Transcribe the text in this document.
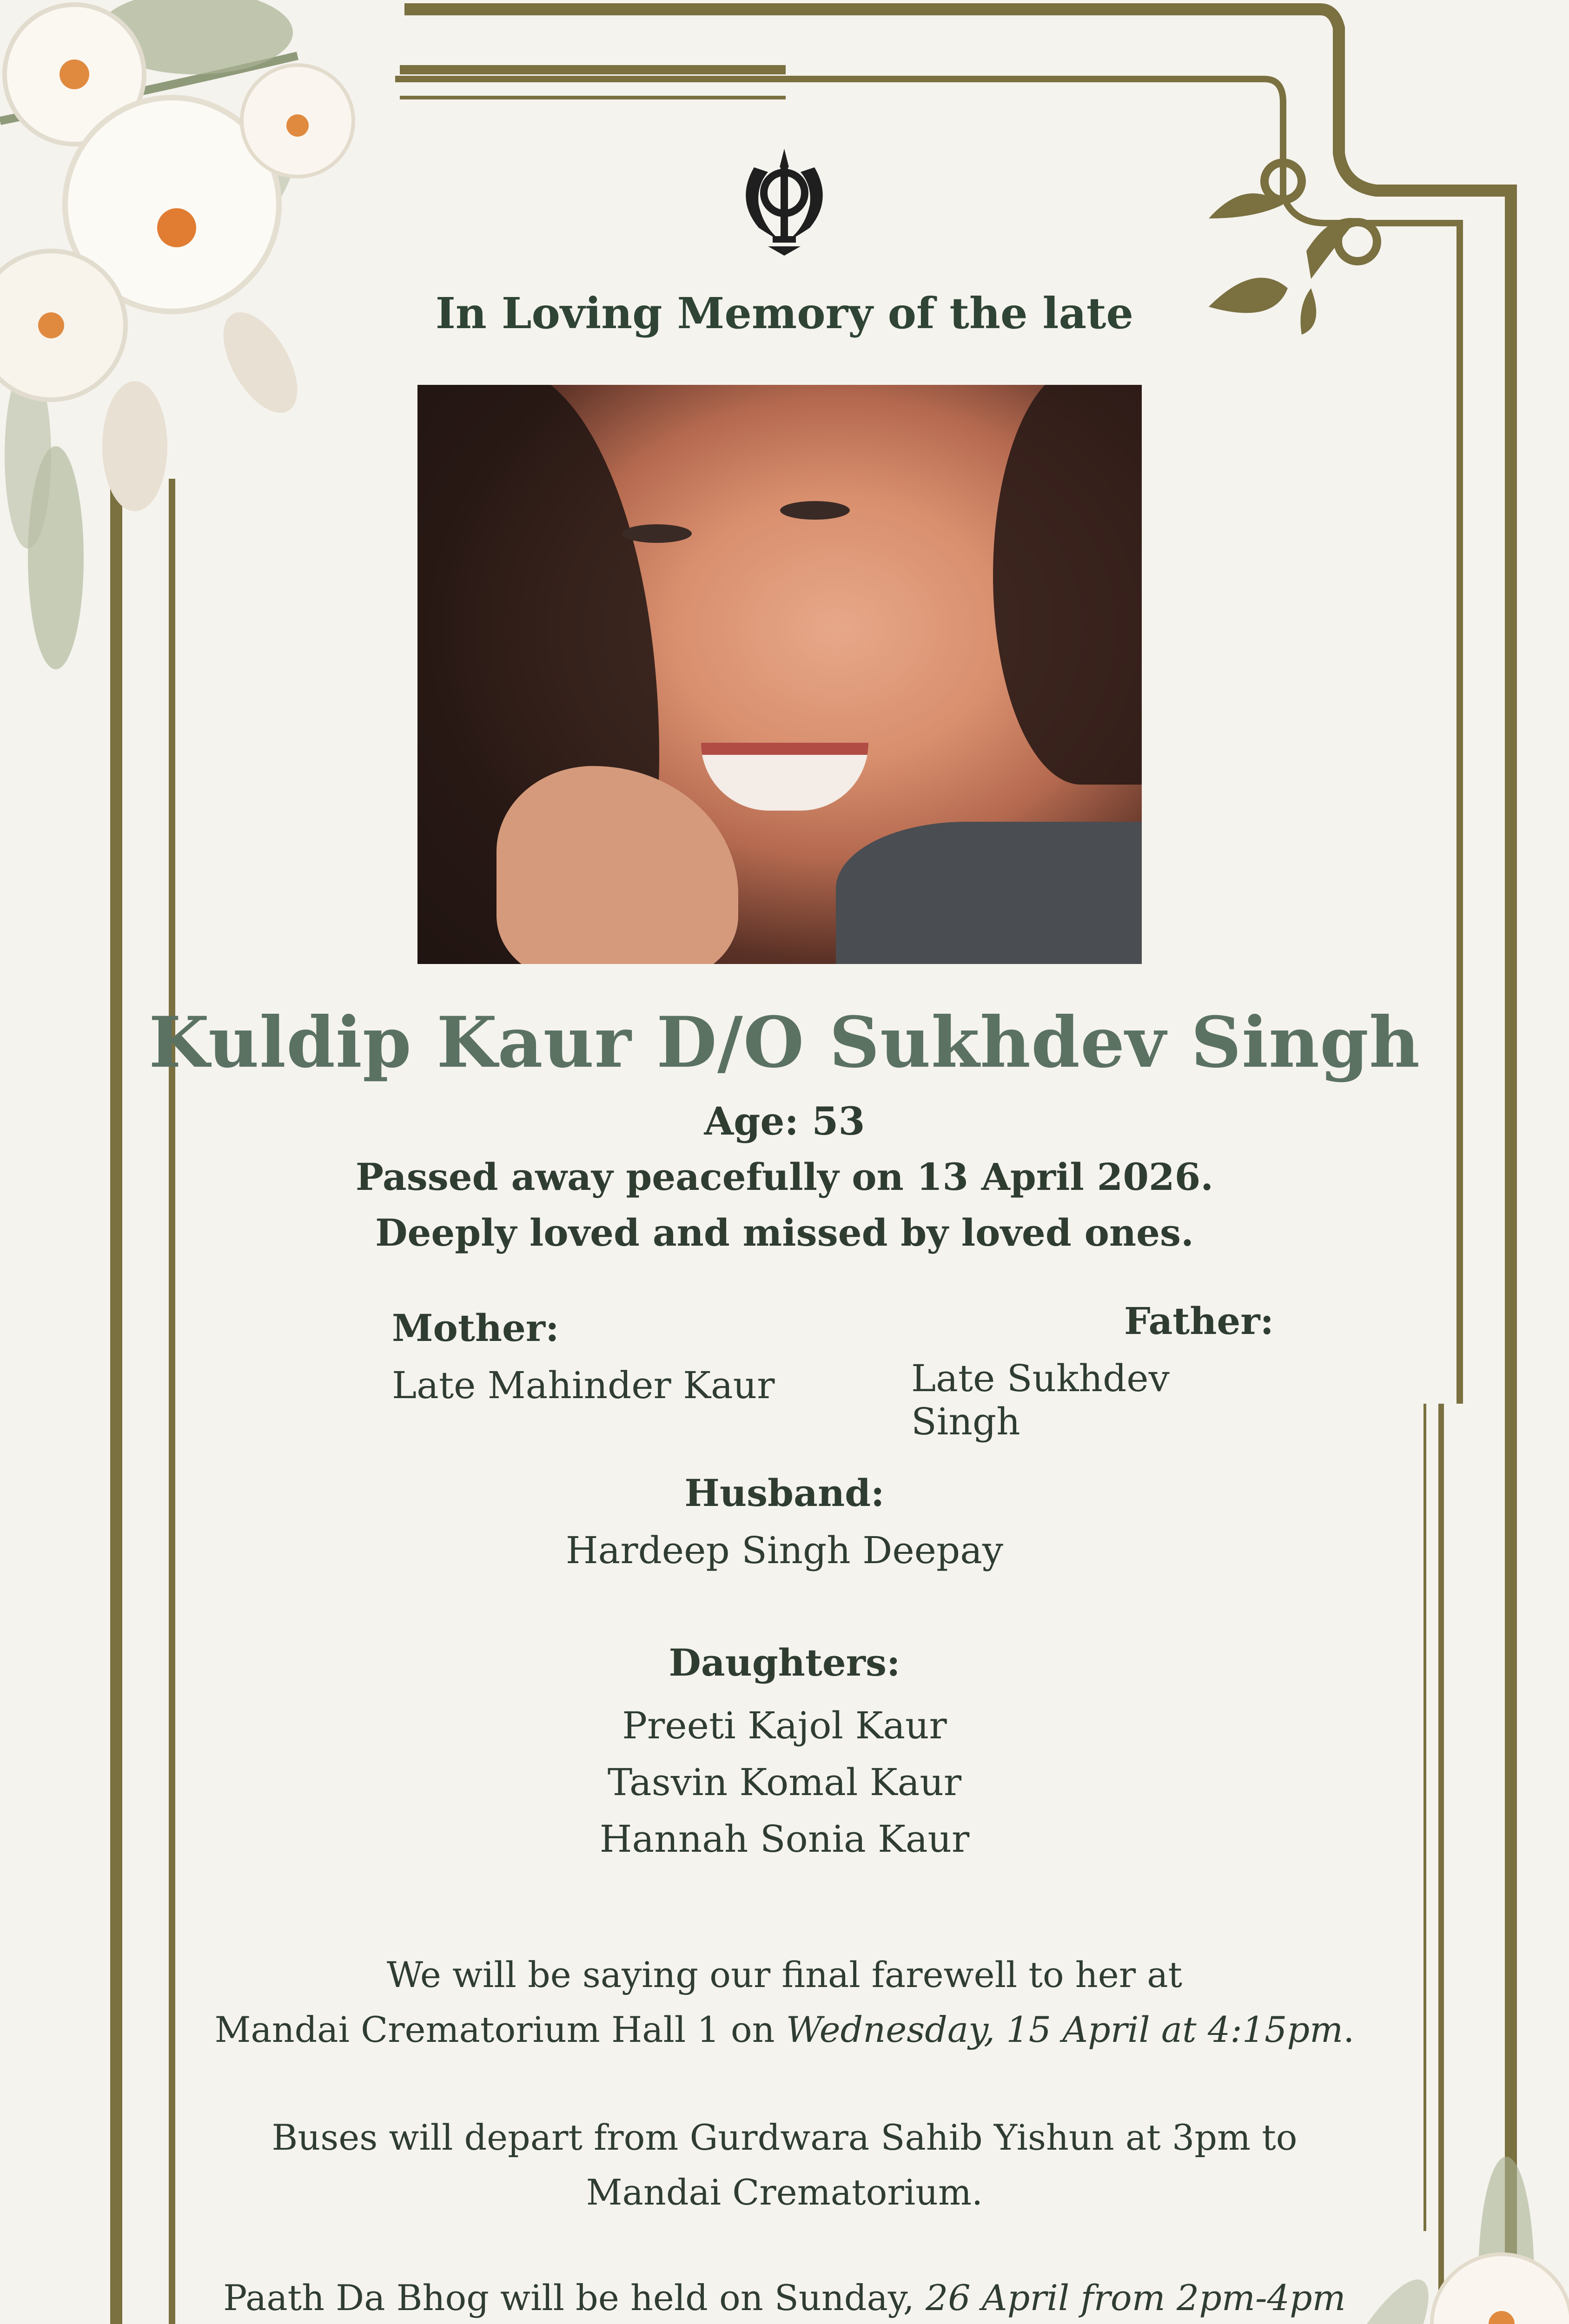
In Loving Memory of the late
Kuldip Kaur D/O Sukhdev Singh
Age: 53
Passed away peacefully on 13 April 2026.
Deeply loved and missed by loved ones.
Mother:
Late Mahinder Kaur
Father:
Late Sukhdev Singh
Husband:
Hardeep Singh Deepay
Daughters:
Preeti Kajol Kaur
Tasvin Komal Kaur
Hannah Sonia Kaur
We will be saying our final farewell to her at
Mandai Crematorium Hall 1 on Wednesday, 15 April at 4:15pm.
Buses will depart from Gurdwara Sahib Yishun at 3pm to
Mandai Crematorium.
Paath Da Bhog will be held on Sunday, 26 April from 2pm-4pm
